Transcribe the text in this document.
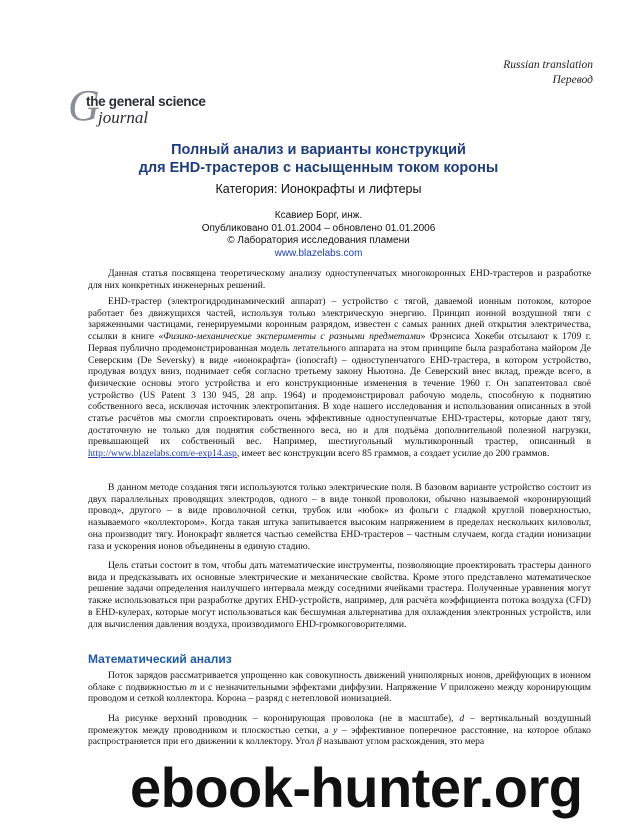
Russian translation
Перевод
G
the general science
journal
Полный анализ и варианты конструкций
для EHD-трастеров с насыщенным током короны
Категория: Ионокрафты и лифтеры
Ксавиер Борг, инж.
Опубликовано 01.01.2004 – обновлено 01.01.2006
© Лаборатория исследования пламени
www.blazelabs.com
Данная статья посвящена теоретическому анализу одноступенчатых многокоронных EHD-трастеров и разработке для них конкретных инженерных решений.
EHD-трастер (электрогидродинамический аппарат) – устройство с тягой, даваемой ионным потоком, которое работает без движущихся частей, используя только электрическую энергию. Принцип ионной воздушной тяги с заряженными частицами, генерируемыми коронным разрядом, известен с самых ранних дней открытия электричества, ссылки в книге «Физико-механические эксперименты с разными предметами» Фрэнсиса Хокеби отсылают к 1709 г. Первая публично продемонстрированная модель летательного аппарата на этом принципе была разработана майором Де Северским (De Seversky) в виде «ионокрафта» (ionocraft) – одноступенчатого EHD-трастера, в котором устройство, продувая воздух вниз, поднимает себя согласно третьему закону Ньютона. Де Северский внес вклад, прежде всего, в физические основы этого устройства и его конструкционные изменения в течение 1960 г. Он запатентовал своё устройство (US Patent 3 130 945, 28 апр. 1964) и продемонстрировал рабочую модель, способную к поднятию собственного веса, исключая источник электропитания. В ходе нашего исследования и использования описанных в этой статье расчётов мы смогли спроектировать очень эффективные одноступенчатые EHD-трастеры, которые дают тягу, достаточную не только для поднятия собственного веса, но и для подъёма дополнительной полезной нагрузки, превышающей их собственный вес. Например, шестиугольный мультикоронный трастер, описанный в http://www.blazelabs.com/e-exp14.asp, имеет вес конструкции всего 85 граммов, а создает усилие до 200 граммов.
В данном методе создания тяги используются только электрические поля. В базовом варианте устройство состоит из двух параллельных проводящих электродов, одного – в виде тонкой проволоки, обычно называемой «коронирующий провод», другого – в виде проволочной сетки, трубок или «юбок» из фольги с гладкой круглой поверхностью, называемого «коллектором». Когда такая штука запитывается высоким напряжением в пределах нескольких киловольт, она производит тягу. Ионокрафт является частью семейства EHD-трастеров – частным случаем, когда стадии ионизации газа и ускорения ионов объединены в единую стадию.
Цель статьи состоит в том, чтобы дать математические инструменты, позволяющие проектировать трастеры данного вида и предсказывать их основные электрические и механические свойства. Кроме этого представлено математическое решение задачи определения наилучшего интервала между соседними ячейками трастера. Полученные уравнения могут также использоваться при разработке других EHD-устройств, например, для расчёта коэффициента потока воздуха (CFD) в EHD-кулерах, которые могут использоваться как бесшумная альтернатива для охлаждения электронных устройств, или для вычисления давления воздуха, производимого EHD-громкоговорителями.
Математический анализ
Поток зарядов рассматривается упрощенно как совокупность движений униполярных ионов, дрейфующих в ионном облаке с подвижностью m и с незначительными эффектами диффузии. Напряжение V приложено между коронирующим проводом и сеткой коллектора. Корона – разряд с нетепловой ионизацией.
На рисунке верхний проводник – коронирующая проволока (не в масштабе), d – вертикальный воздушный промежуток между проводником и плоскостью сетки, а y – эффективное поперечное расстояние, на которое облако распространяется при его движении к коллектору. Угол β называют углом расхождения, это мера
ebook-hunter.org
